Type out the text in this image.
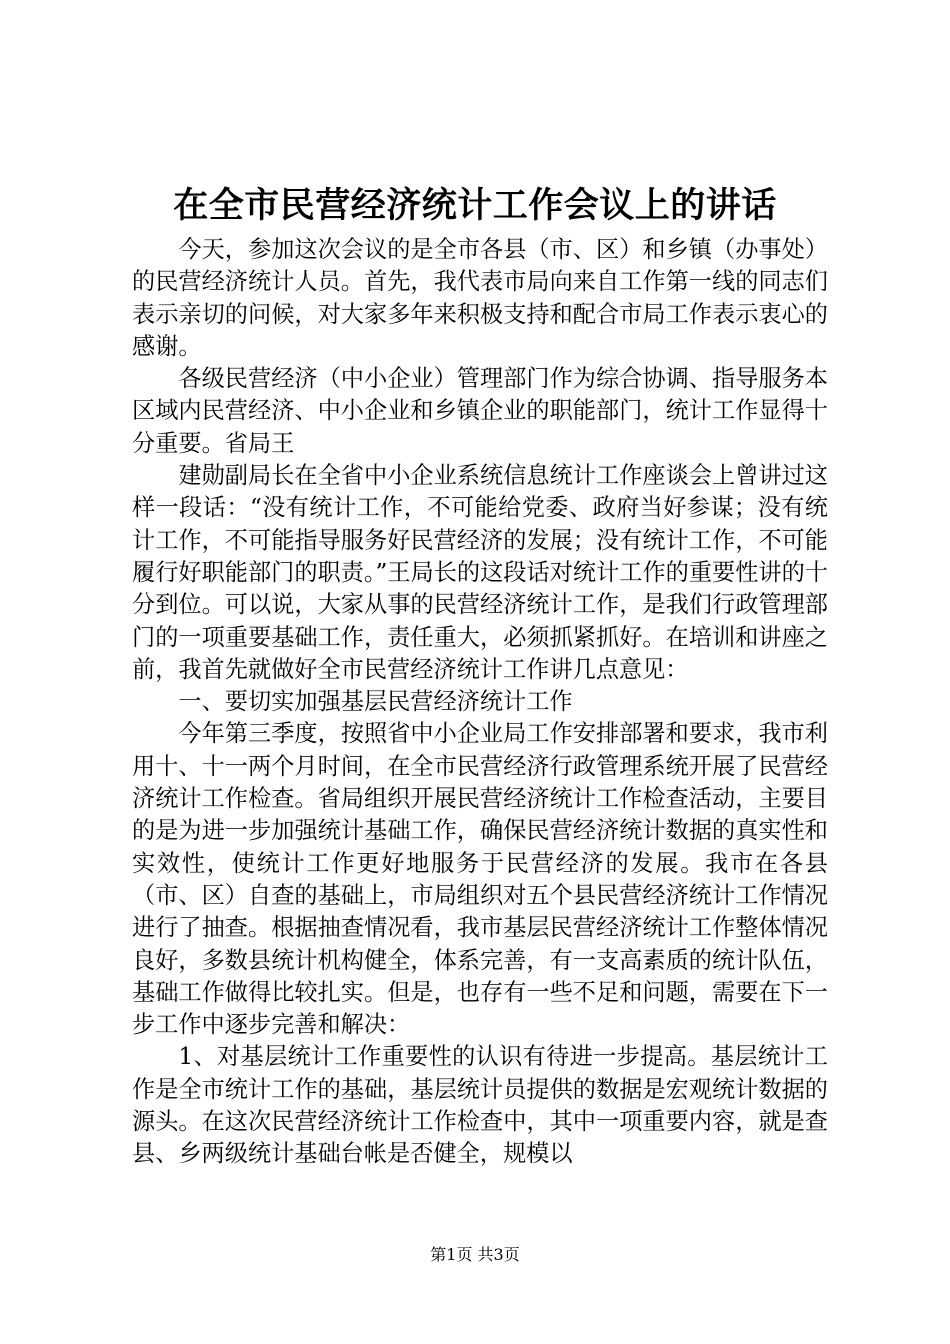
在全市民营经济统计工作会议上的讲话

今天，参加这次会议的是全市各县（市、区）和乡镇（办事处）的民营经济统计人员。首先，我代表市局向来自工作第一线的同志们表示亲切的问候，对大家多年来积极支持和配合市局工作表示衷心的感谢。

各级民营经济（中小企业）管理部门作为综合协调、指导服务本区域内民营经济、中小企业和乡镇企业的职能部门，统计工作显得十分重要。省局王

建勋副局长在全省中小企业系统信息统计工作座谈会上曾讲过这样一段话：“没有统计工作，不可能给党委、政府当好参谋；没有统计工作，不可能指导服务好民营经济的发展；没有统计工作，不可能履行好职能部门的职责。”王局长的这段话对统计工作的重要性讲的十分到位。可以说，大家从事的民营经济统计工作，是我们行政管理部门的一项重要基础工作，责任重大，必须抓紧抓好。在培训和讲座之前，我首先就做好全市民营经济统计工作讲几点意见：

一、要切实加强基层民营经济统计工作

今年第三季度，按照省中小企业局工作安排部署和要求，我市利用十、十一两个月时间，在全市民营经济行政管理系统开展了民营经济统计工作检查。省局组织开展民营经济统计工作检查活动，主要目的是为进一步加强统计基础工作，确保民营经济统计数据的真实性和实效性，使统计工作更好地服务于民营经济的发展。我市在各县（市、区）自查的基础上，市局组织对五个县民营经济统计工作情况进行了抽查。根据抽查情况看，我市基层民营经济统计工作整体情况良好，多数县统计机构健全，体系完善，有一支高素质的统计队伍，基础工作做得比较扎实。但是，也存有一些不足和问题，需要在下一步工作中逐步完善和解决：

1、对基层统计工作重要性的认识有待进一步提高。基层统计工作是全市统计工作的基础，基层统计员提供的数据是宏观统计数据的源头。在这次民营经济统计工作检查中，其中一项重要内容，就是查县、乡两级统计基础台帐是否健全，规模以

第1页 共3页
